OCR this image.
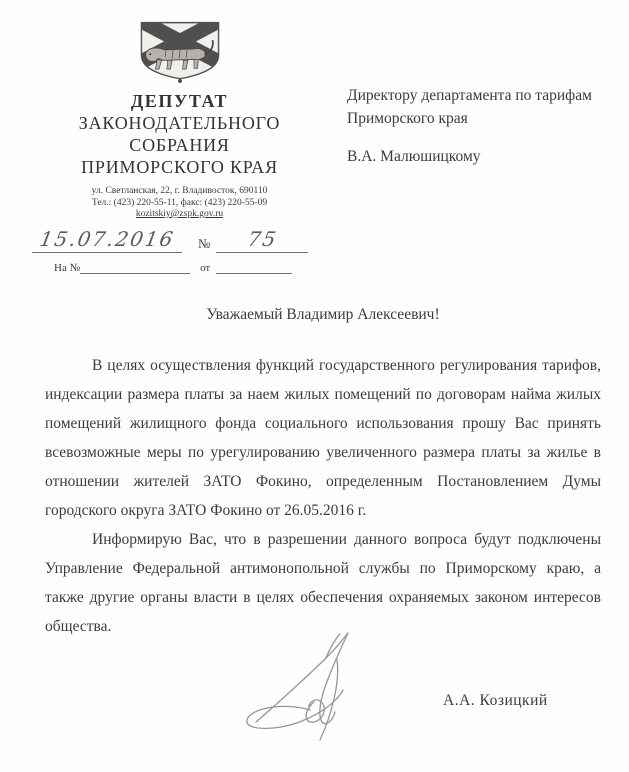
ДЕПУТАТ
ЗАКОНОДАТЕЛЬНОГО
СОБРАНИЯ
ПРИМОРСКОГО КРАЯ
ул. Светланская, 22, г. Владивосток, 690110
Тел.: (423) 220-55-11, факс: (423) 220-55-09
kozitskiy@zspk.gov.ru
15.07.2016	№	75
На №	от
Директору департамента по тарифам
Приморского края
В.А. Малюшицкому
Уважаемый Владимир Алексеевич!

В целях осуществления функций государственного регулирования тарифов, индексации размера платы за наем жилых помещений по договорам найма жилых помещений жилищного фонда социального использования прошу Вас принять всевозможные меры по урегулированию увеличенного размера платы за жилье в отношении жителей ЗАТО Фокино, определенным Постановлением Думы городского округа ЗАТО Фокино от 26.05.2016 г.

Информирую Вас, что в разрешении данного вопроса будут подключены Управление Федеральной антимонопольной службы по Приморскому краю, а также другие органы власти в целях обеспечения охраняемых законом интересов общества.

А.А. Козицкий
